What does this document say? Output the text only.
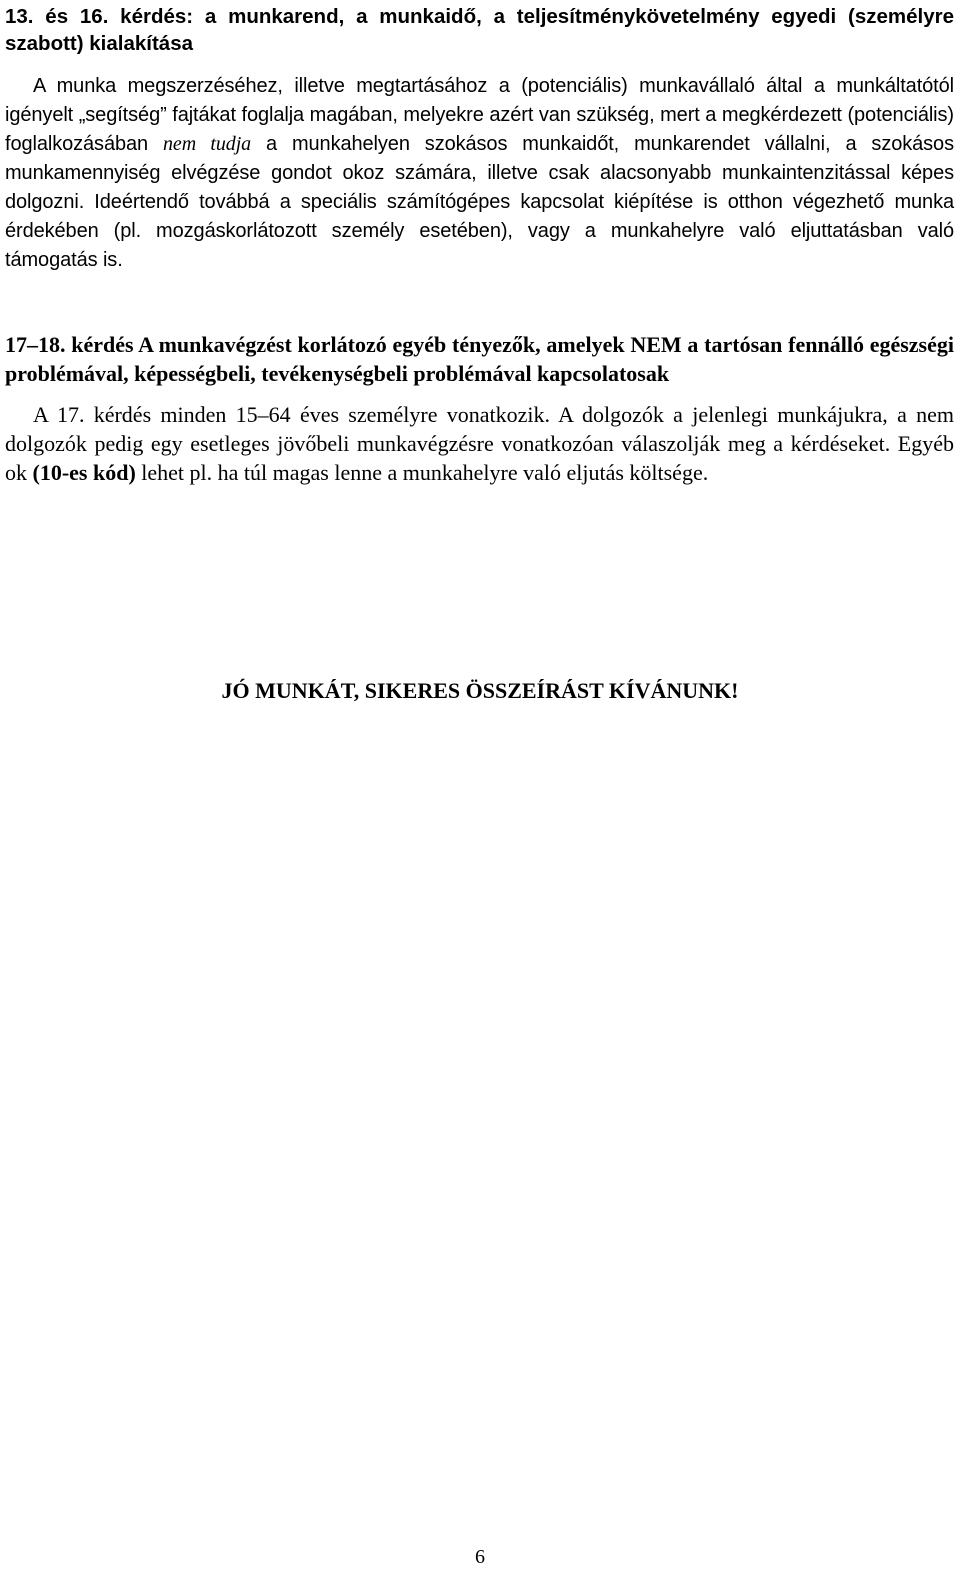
13. és 16. kérdés: a munkarend, a munkaidő, a teljesítménykövetelmény egyedi (személyre szabott) kialakítása

A munka megszerzéséhez, illetve megtartásához a (potenciális) munkavállaló által a munkáltatótól igényelt „segítség” fajtákat foglalja magában, melyekre azért van szükség, mert a megkérdezett (potenciális) foglalkozásában nem tudja a munkahelyen szokásos munkaidőt, munkarendet vállalni, a szokásos munkamennyiség elvégzése gondot okoz számára, illetve csak alacsonyabb munkaintenzitással képes dolgozni. Ideértendő továbbá a speciális számítógépes kapcsolat kiépítése is otthon végezhető munka érdekében (pl. mozgáskorlátozott személy esetében), vagy a munkahelyre való eljuttatásban való támogatás is.

17–18. kérdés A munkavégzést korlátozó egyéb tényezők, amelyek NEM a tartósan fennálló egészségi problémával, képességbeli, tevékenységbeli problémával kapcsolatosak

A 17. kérdés minden 15–64 éves személyre vonatkozik. A dolgozók a jelenlegi munkájukra, a nem dolgozók pedig egy esetleges jövőbeli munkavégzésre vonatkozóan válaszolják meg a kérdéseket. Egyéb ok (10-es kód) lehet pl. ha túl magas lenne a munkahelyre való eljutás költsége.

JÓ MUNKÁT, SIKERES ÖSSZEÍRÁST KÍVÁNUNK!
6
